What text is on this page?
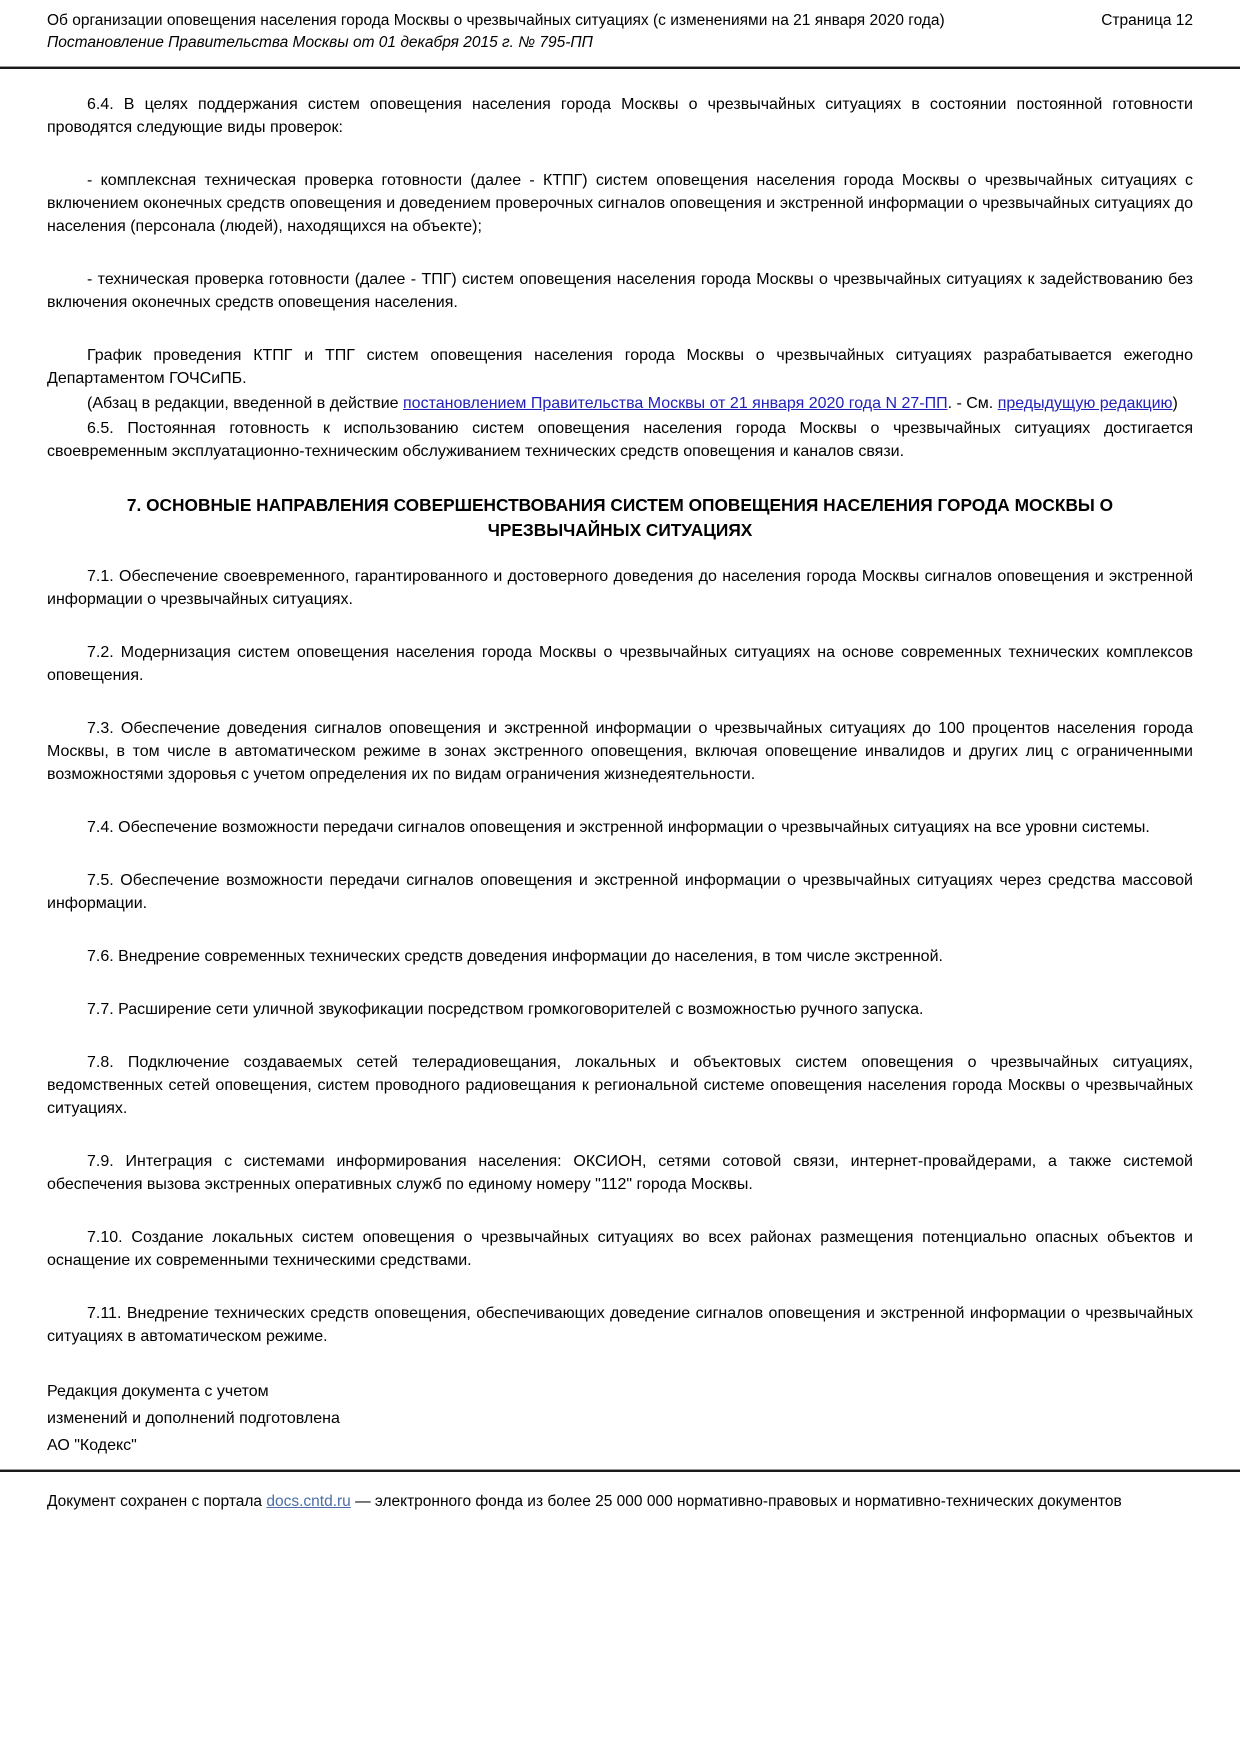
Об организации оповещения населения города Москвы о чрезвычайных ситуациях (с изменениями на 21 января 2020 года)
Постановление Правительства Москвы от 01 декабря 2015 г. № 795-ПП
Страница 12

6.4. В целях поддержания систем оповещения населения города Москвы о чрезвычайных ситуациях в состоянии постоянной готовности проводятся следующие виды проверок:

- комплексная техническая проверка готовности (далее - КТПГ) систем оповещения населения города Москвы о чрезвычайных ситуациях с включением оконечных средств оповещения и доведением проверочных сигналов оповещения и экстренной информации о чрезвычайных ситуациях до населения (персонала (людей), находящихся на объекте);

- техническая проверка готовности (далее - ТПГ) систем оповещения населения города Москвы о чрезвычайных ситуациях к задействованию без включения оконечных средств оповещения населения.

График проведения КТПГ и ТПГ систем оповещения населения города Москвы о чрезвычайных ситуациях разрабатывается ежегодно Департаментом ГОЧСиПБ.

(Абзац в редакции, введенной в действие постановлением Правительства Москвы от 21 января 2020 года N 27-ПП. - См. предыдущую редакцию)

6.5. Постоянная готовность к использованию систем оповещения населения города Москвы о чрезвычайных ситуациях достигается своевременным эксплуатационно-техническим обслуживанием технических средств оповещения и каналов связи.

7. ОСНОВНЫЕ НАПРАВЛЕНИЯ СОВЕРШЕНСТВОВАНИЯ СИСТЕМ ОПОВЕЩЕНИЯ НАСЕЛЕНИЯ ГОРОДА МОСКВЫ О ЧРЕЗВЫЧАЙНЫХ СИТУАЦИЯХ

7.1. Обеспечение своевременного, гарантированного и достоверного доведения до населения города Москвы сигналов оповещения и экстренной информации о чрезвычайных ситуациях.

7.2. Модернизация систем оповещения населения города Москвы о чрезвычайных ситуациях на основе современных технических комплексов оповещения.

7.3. Обеспечение доведения сигналов оповещения и экстренной информации о чрезвычайных ситуациях до 100 процентов населения города Москвы, в том числе в автоматическом режиме в зонах экстренного оповещения, включая оповещение инвалидов и других лиц с ограниченными возможностями здоровья с учетом определения их по видам ограничения жизнедеятельности.

7.4. Обеспечение возможности передачи сигналов оповещения и экстренной информации о чрезвычайных ситуациях на все уровни системы.

7.5. Обеспечение возможности передачи сигналов оповещения и экстренной информации о чрезвычайных ситуациях через средства массовой информации.

7.6. Внедрение современных технических средств доведения информации до населения, в том числе экстренной.

7.7. Расширение сети уличной звукофикации посредством громкоговорителей с возможностью ручного запуска.

7.8. Подключение создаваемых сетей телерадиовещания, локальных и объектовых систем оповещения о чрезвычайных ситуациях, ведомственных сетей оповещения, систем проводного радиовещания к региональной системе оповещения населения города Москвы о чрезвычайных ситуациях.

7.9. Интеграция с системами информирования населения: ОКСИОН, сетями сотовой связи, интернет-провайдерами, а также системой обеспечения вызова экстренных оперативных служб по единому номеру "112" города Москвы.

7.10. Создание локальных систем оповещения о чрезвычайных ситуациях во всех районах размещения потенциально опасных объектов и оснащение их современными техническими средствами.

7.11. Внедрение технических средств оповещения, обеспечивающих доведение сигналов оповещения и экстренной информации о чрезвычайных ситуациях в автоматическом режиме.

Редакция документа с учетом
изменений и дополнений подготовлена
АО "Кодекс"

Документ сохранен с портала docs.cntd.ru — электронного фонда из более 25 000 000 нормативно-правовых и нормативно-технических документов
